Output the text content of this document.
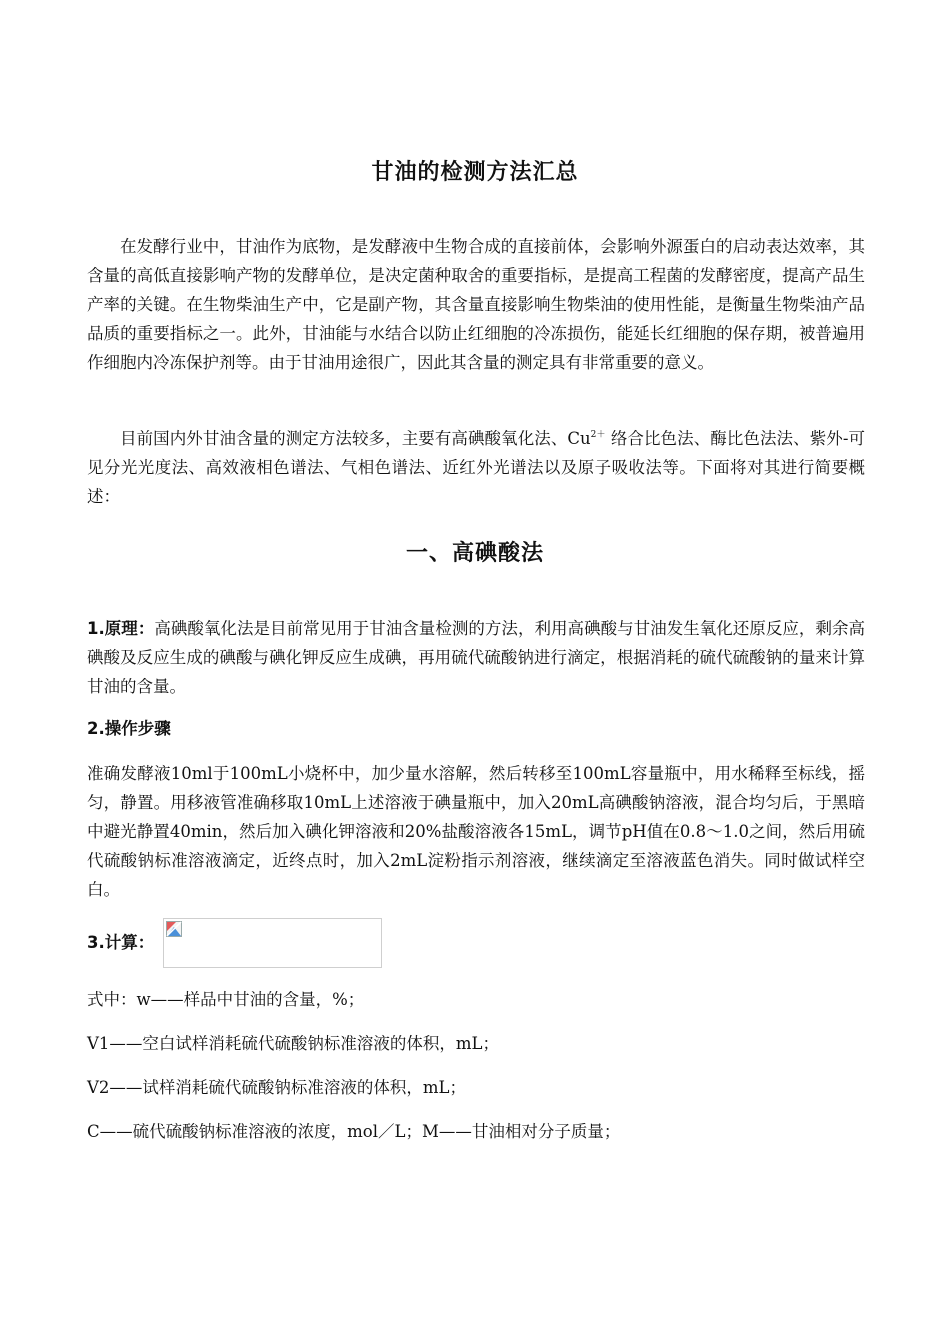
甘油的检测方法汇总

在发酵行业中，甘油作为底物，是发酵液中生物合成的直接前体，会影响外源蛋白的启动表达效率，其含量的高低直接影响产物的发酵单位，是决定菌种取舍的重要指标，是提高工程菌的发酵密度，提高产品生产率的关键。在生物柴油生产中，它是副产物，其含量直接影响生物柴油的使用性能，是衡量生物柴油产品品质的重要指标之一。此外，甘油能与水结合以防止红细胞的冷冻损伤，能延长红细胞的保存期，被普遍用作细胞内冷冻保护剂等。由于甘油用途很广，因此其含量的测定具有非常重要的意义。

目前国内外甘油含量的测定方法较多，主要有高碘酸氧化法、$Cu^{2+}$ 络合比色法、酶比色法法、紫外-可见分光光度法、高效液相色谱法、气相色谱法、近红外光谱法以及原子吸收法等。下面将对其进行简要概述：

一、高碘酸法

1.原理：高碘酸氧化法是目前常见用于甘油含量检测的方法，利用高碘酸与甘油发生氧化还原反应，剩余高碘酸及反应生成的碘酸与碘化钾反应生成碘，再用硫代硫酸钠进行滴定，根据消耗的硫代硫酸钠的量来计算甘油的含量。

2.操作步骤

准确发酵液10ml于100mL小烧杯中，加少量水溶解，然后转移至100mL容量瓶中，用水稀释至标线，摇匀，静置。用移液管准确移取10mL上述溶液于碘量瓶中，加入20mL高碘酸钠溶液，混合均匀后，于黑暗中避光静置40min，然后加入碘化钾溶液和20%盐酸溶液各15mL，调节pH值在0.8～1.0之间，然后用硫代硫酸钠标准溶液滴定，近终点时，加入2mL淀粉指示剂溶液，继续滴定至溶液蓝色消失。同时做试样空白。

3.计算：

式中：w——样品中甘油的含量，%；
V1——空白试样消耗硫代硫酸钠标准溶液的体积，mL；
V2——试样消耗硫代硫酸钠标准溶液的体积，mL；
C——硫代硫酸钠标准溶液的浓度，mol／L；M——甘油相对分子质量；
